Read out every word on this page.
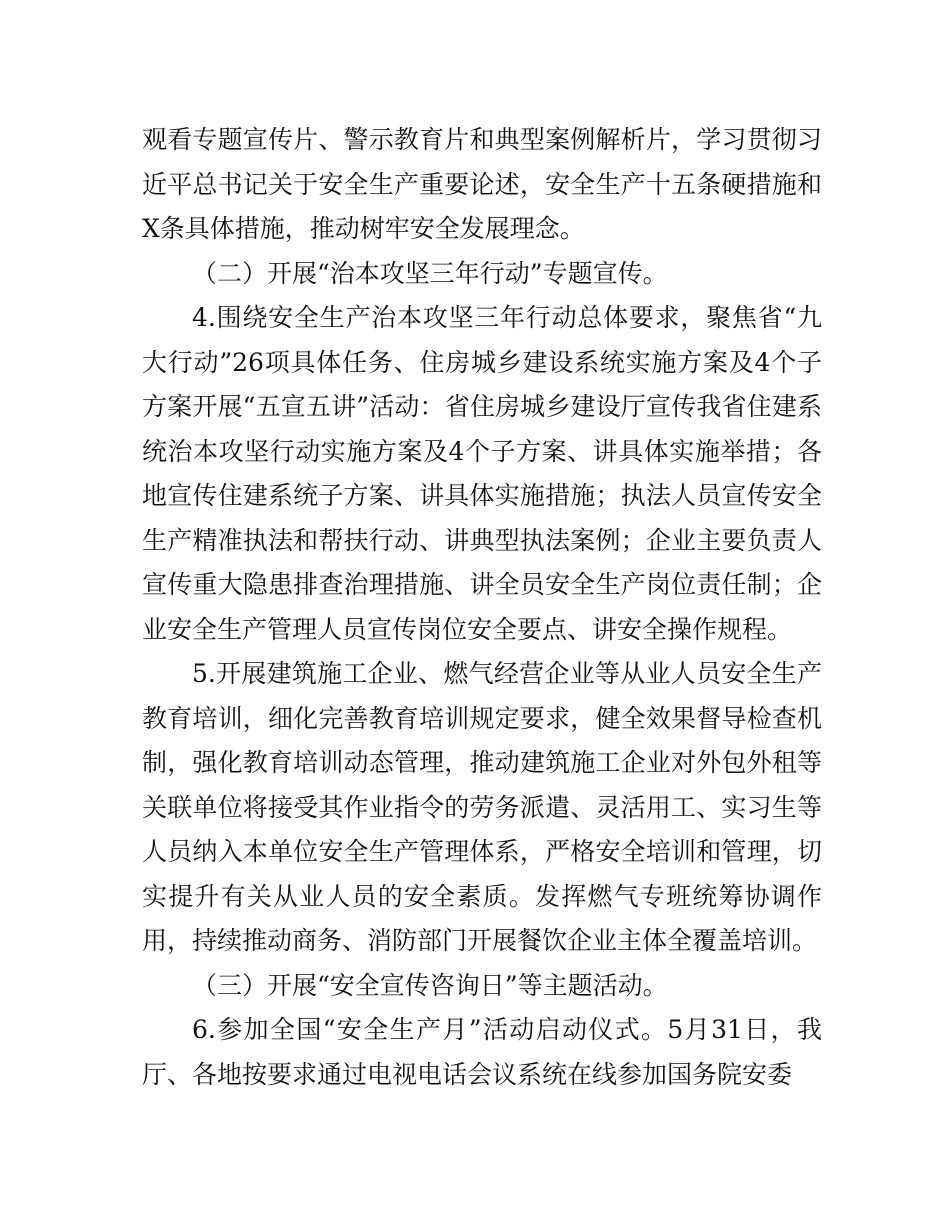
观看专题宣传片、警示教育片和典型案例解析片，学习贯彻习近平总书记关于安全生产重要论述，安全生产十五条硬措施和X条具体措施，推动树牢安全发展理念。

（二）开展“治本攻坚三年行动”专题宣传。

4.围绕安全生产治本攻坚三年行动总体要求，聚焦省“九大行动”26项具体任务、住房城乡建设系统实施方案及4个子方案开展“五宣五讲”活动：省住房城乡建设厅宣传我省住建系统治本攻坚行动实施方案及4个子方案、讲具体实施举措；各地宣传住建系统子方案、讲具体实施措施；执法人员宣传安全生产精准执法和帮扶行动、讲典型执法案例；企业主要负责人宣传重大隐患排查治理措施、讲全员安全生产岗位责任制；企业安全生产管理人员宣传岗位安全要点、讲安全操作规程。

5.开展建筑施工企业、燃气经营企业等从业人员安全生产教育培训，细化完善教育培训规定要求，健全效果督导检查机制，强化教育培训动态管理，推动建筑施工企业对外包外租等关联单位将接受其作业指令的劳务派遣、灵活用工、实习生等人员纳入本单位安全生产管理体系，严格安全培训和管理，切实提升有关从业人员的安全素质。发挥燃气专班统筹协调作用，持续推动商务、消防部门开展餐饮企业主体全覆盖培训。

（三）开展“安全宣传咨询日”等主题活动。

6.参加全国“安全生产月”活动启动仪式。5月31日，我厅、各地按要求通过电视电话会议系统在线参加国务院安委
